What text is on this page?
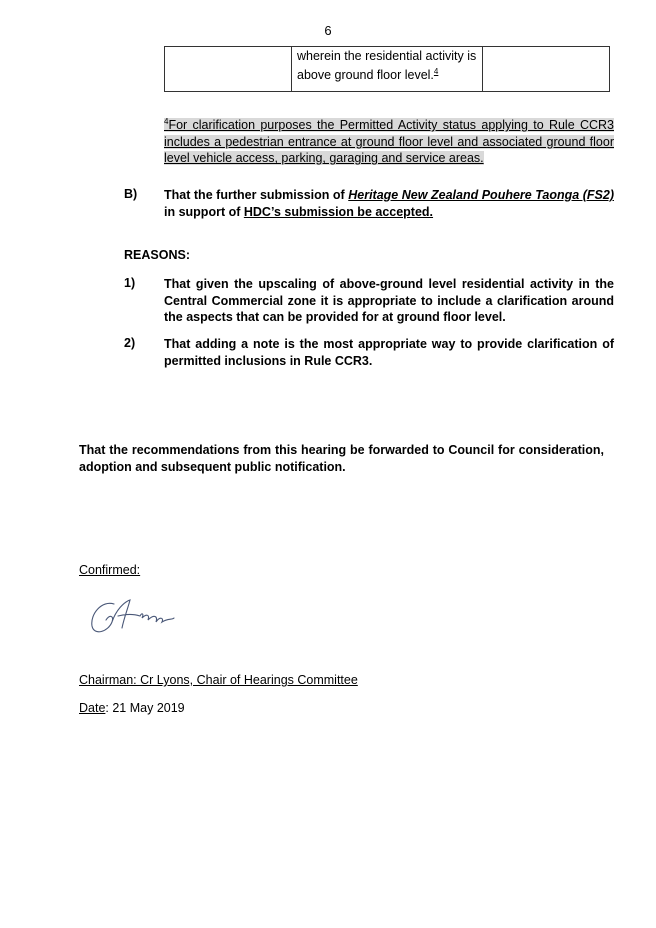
6
	wherein the residential activity is above ground floor level.$^4$	
$^4$For clarification purposes the Permitted Activity status applying to Rule CCR3 includes a pedestrian entrance at ground floor level and associated ground floor level vehicle access, parking, garaging and service areas.
B) That the further submission of Heritage New Zealand Pouhere Taonga (FS2) in support of HDC’s submission be accepted.
REASONS:
1) That given the upscaling of above-ground level residential activity in the Central Commercial zone it is appropriate to include a clarification around the aspects that can be provided for at ground floor level.
2) That adding a note is the most appropriate way to provide clarification of permitted inclusions in Rule CCR3.
That the recommendations from this hearing be forwarded to Council for consideration, adoption and subsequent public notification.
Confirmed:
Chairman: Cr Lyons, Chair of Hearings Committee
Date: 21 May 2019
